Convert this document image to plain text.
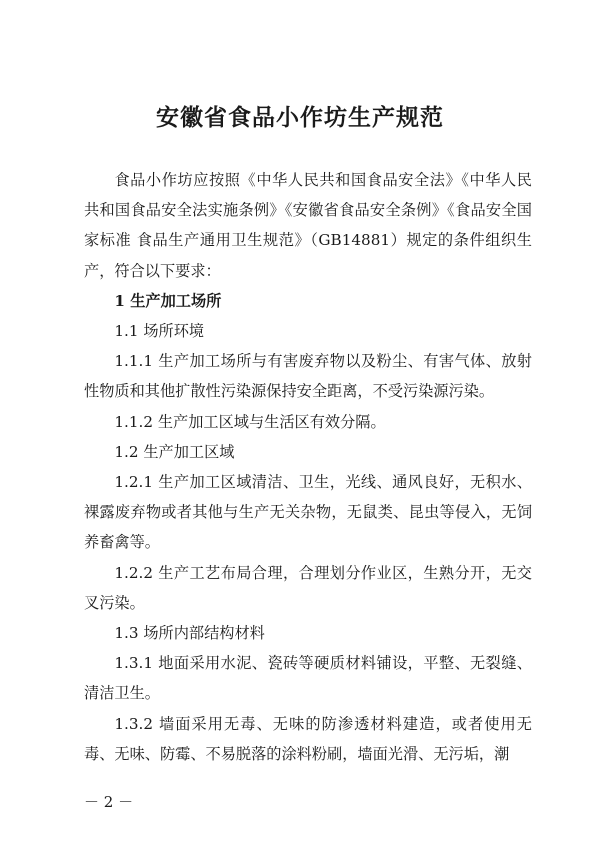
安徽省食品小作坊生产规范

食品小作坊应按照《中华人民共和国食品安全法》《中华人民共和国食品安全法实施条例》《安徽省食品安全条例》《食品安全国家标准 食品生产通用卫生规范》（GB14881）规定的条件组织生产，符合以下要求：

1 生产加工场所

1.1 场所环境

1.1.1 生产加工场所与有害废弃物以及粉尘、有害气体、放射性物质和其他扩散性污染源保持安全距离，不受污染源污染。

1.1.2 生产加工区域与生活区有效分隔。

1.2 生产加工区域

1.2.1 生产加工区域清洁、卫生，光线、通风良好，无积水、裸露废弃物或者其他与生产无关杂物，无鼠类、昆虫等侵入，无饲养畜禽等。

1.2.2 生产工艺布局合理，合理划分作业区，生熟分开，无交叉污染。

1.3 场所内部结构材料

1.3.1 地面采用水泥、瓷砖等硬质材料铺设，平整、无裂缝、清洁卫生。

1.3.2 墙面采用无毒、无味的防渗透材料建造，或者使用无毒、无味、防霉、不易脱落的涂料粉刷，墙面光滑、无污垢，潮

－ 2 －
